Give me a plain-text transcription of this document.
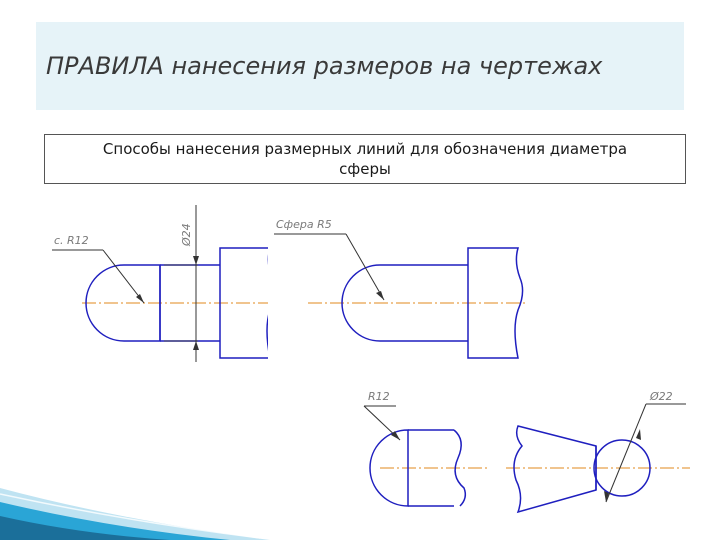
ПРАВИЛА нанесения размеров на чертежах
Способы нанесения размерных линий для обозначения диаметра
сферы
с. R12	Ø24	Сфера R5
R12	Ø22
